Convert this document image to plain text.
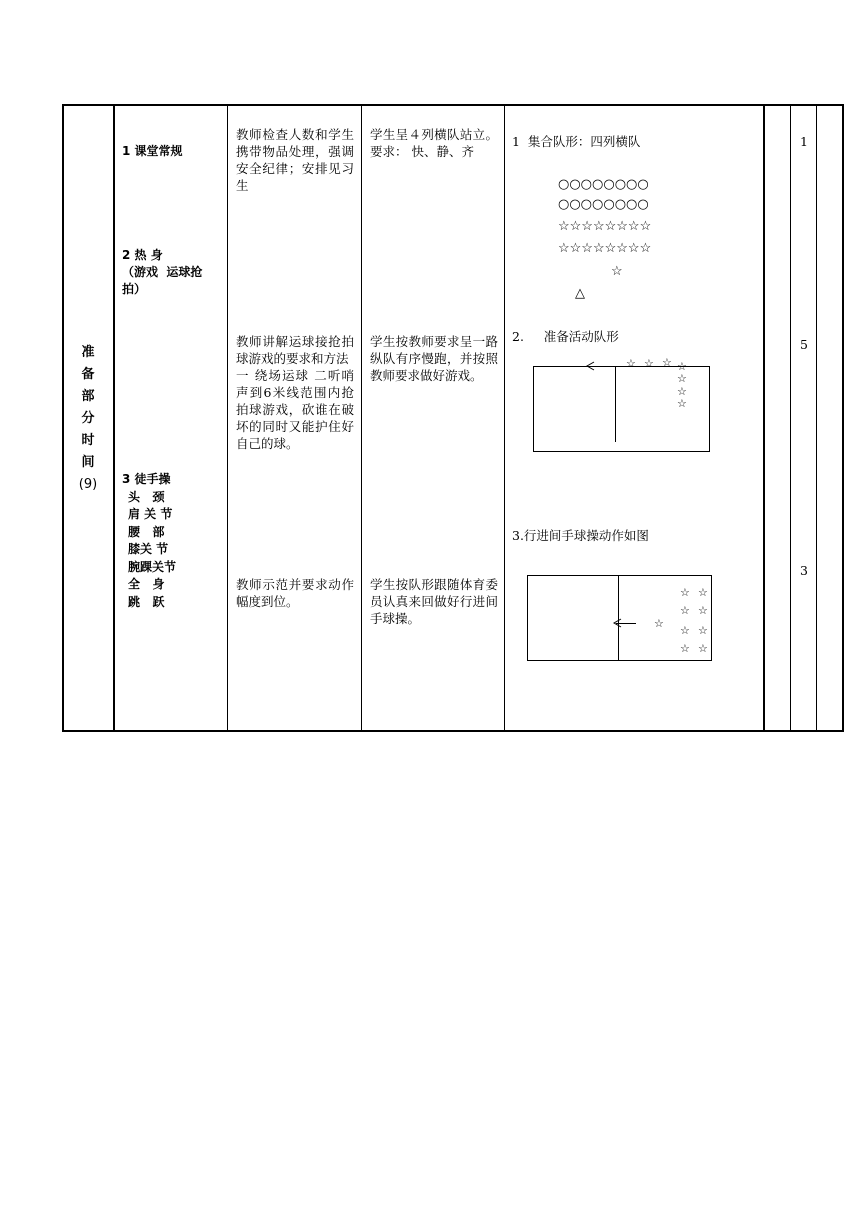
准
备
部
分
时
间
(9)
1 课堂常规
2 热 身
（游戏  运球抢
拍）
3 徒手操
头   颈
肩 关 节
腰   部
膝关 节
腕踝关节
全   身
跳   跃
教师检查人数和学生携带物品处理，强调安全纪律；安排见习生
教师讲解运球接抢拍球游戏的要求和方法
一 绕场运球 二听哨声到6米线范围内抢拍球游戏，砍谁在破坏的同时又能护住好自己的球。
教师示范并要求动作幅度到位。
学生呈４列横队站立。要求： 快、静、齐
学生按教师要求呈一路纵队有序慢跑，并按照教师要求做好游戏。
学生按队形跟随体育委员认真来回做好行进间手球操。
1  集合队形：四列横队
○○○○○○○○
○○○○○○○○
☆☆☆☆☆☆☆☆
☆☆☆☆☆☆☆☆
☆
△
2.     准备活动队形
☆ ☆ ☆ ☆
☆
☆
☆
3.行进间手球操动作如图
☆
☆ ☆
☆ ☆
☆ ☆
☆ ☆
1
5
3
